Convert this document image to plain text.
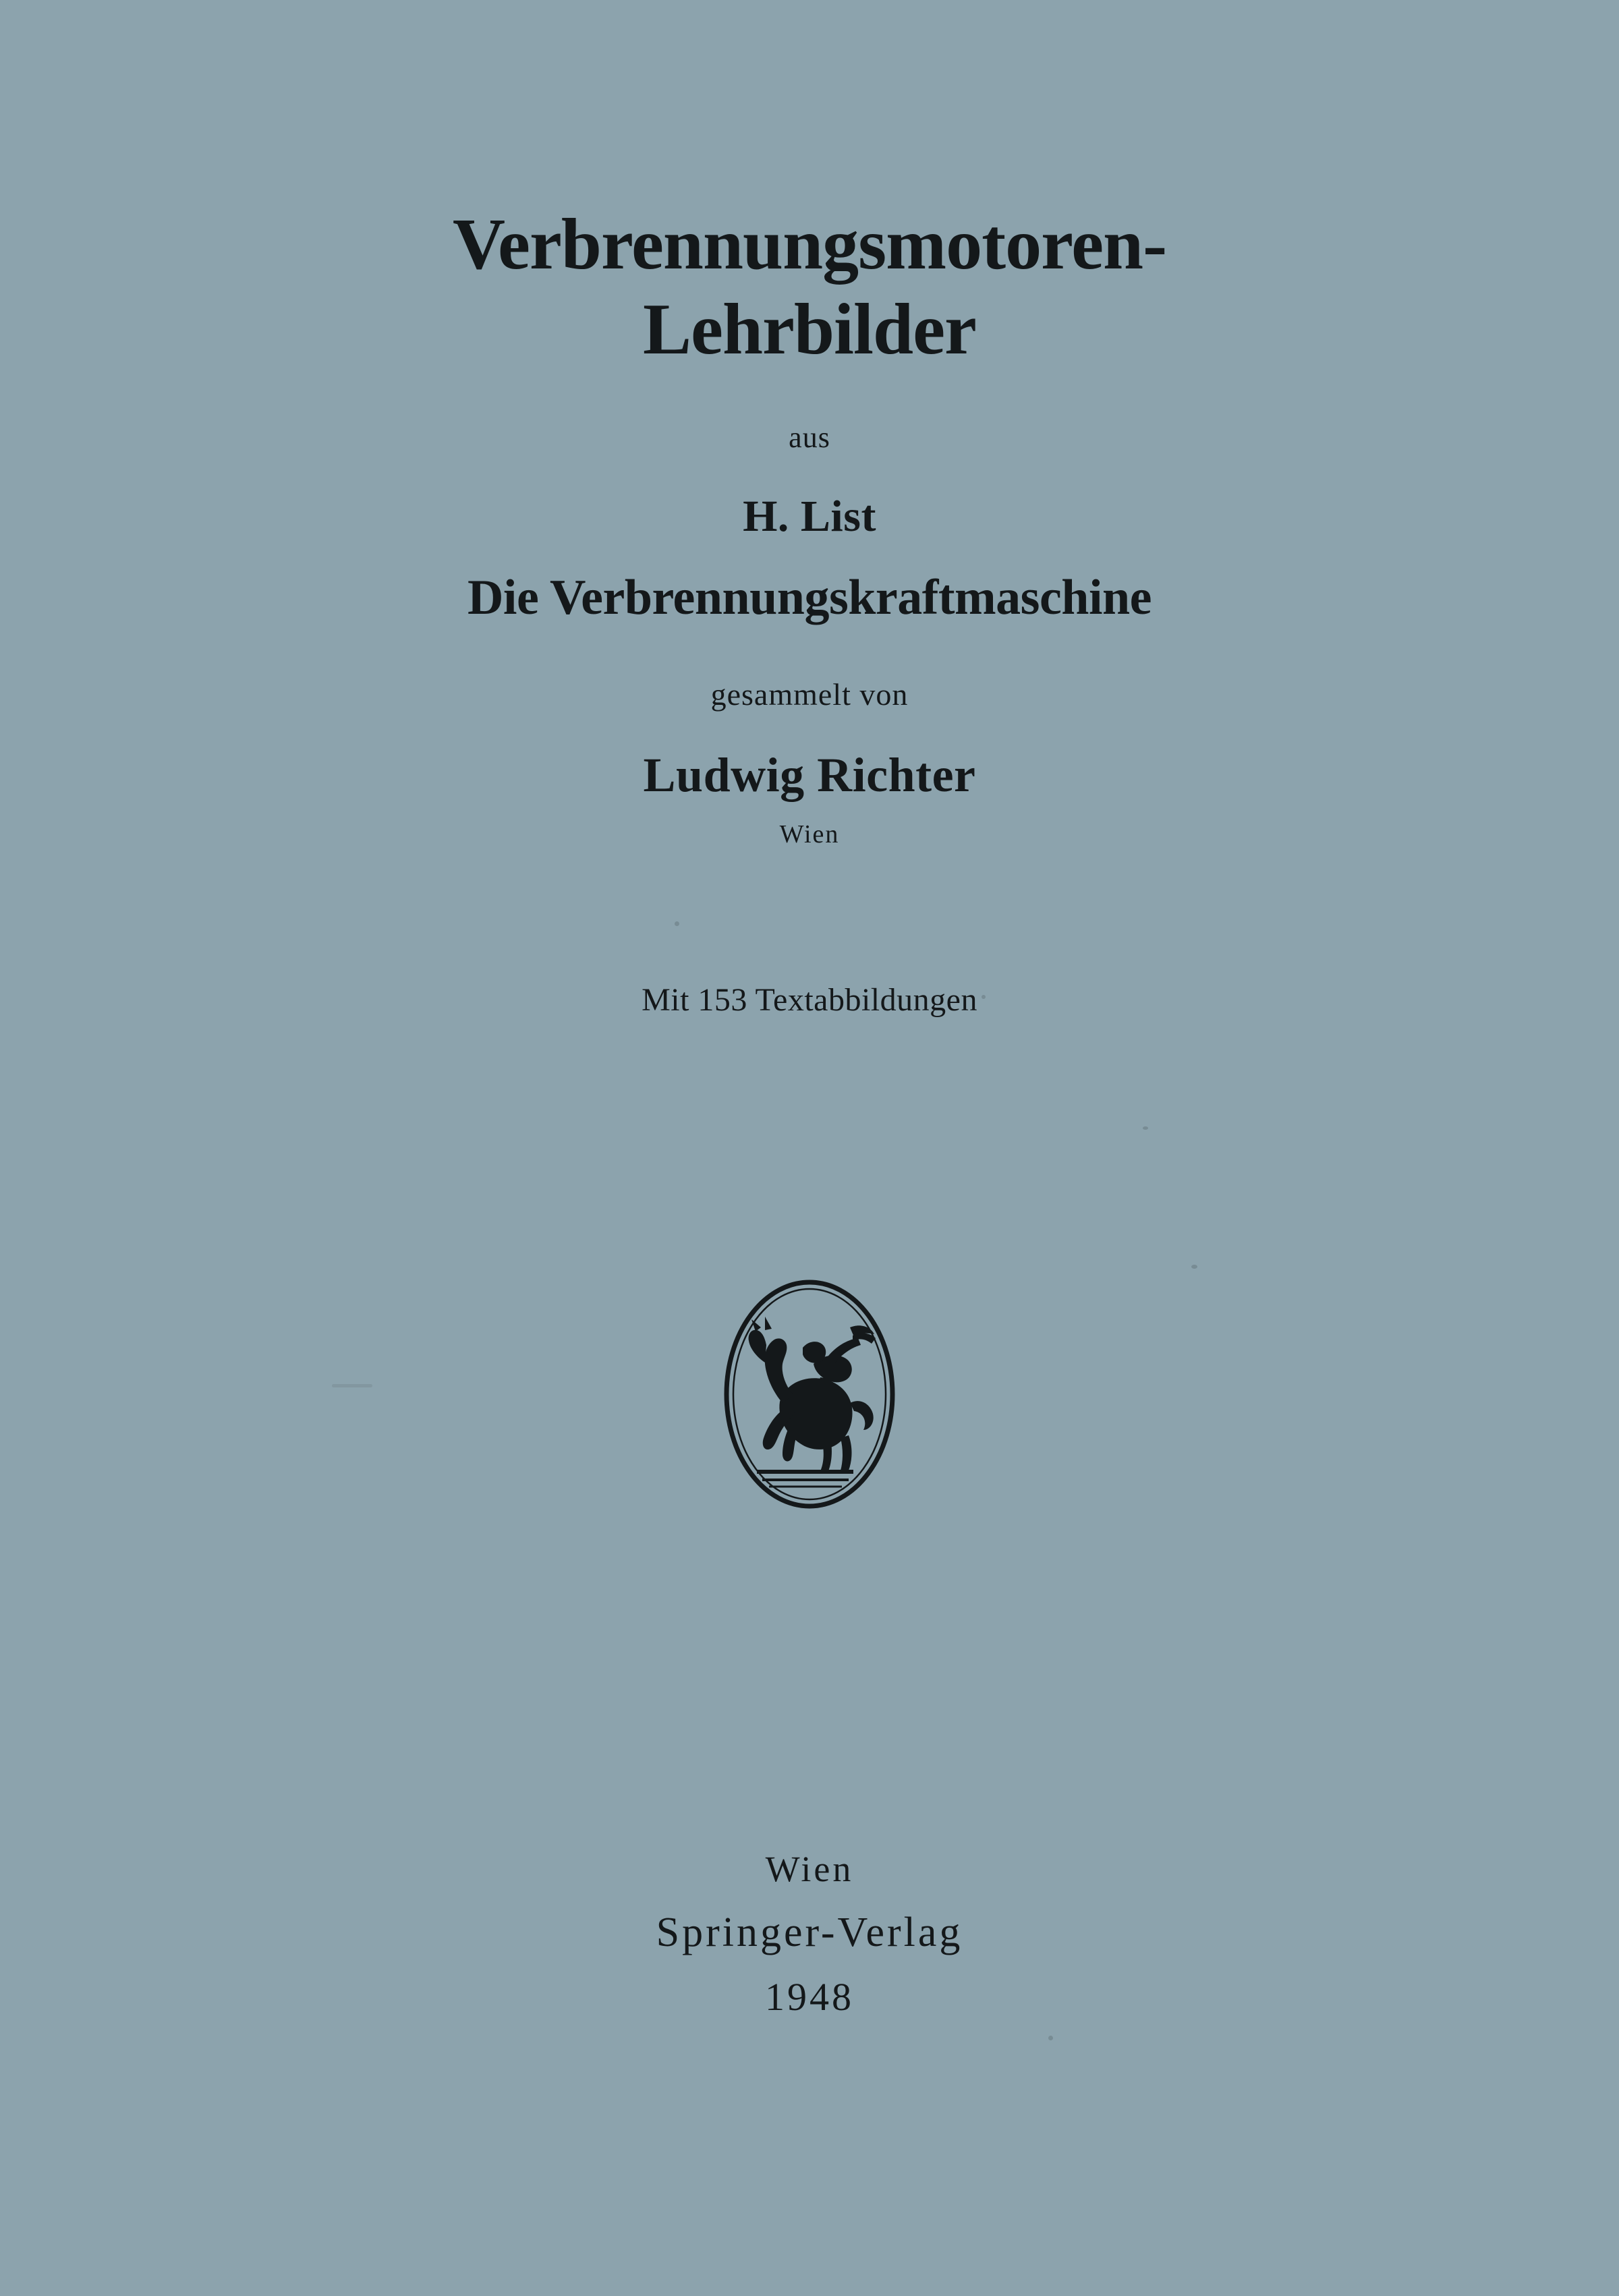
Verbrennungsmotoren-
Lehrbilder
aus
H. List
Die Verbrennungskraftmaschine
gesammelt von
Ludwig Richter
Wien
Mit 153 Textabbildungen
Wien
Springer-Verlag
1948
